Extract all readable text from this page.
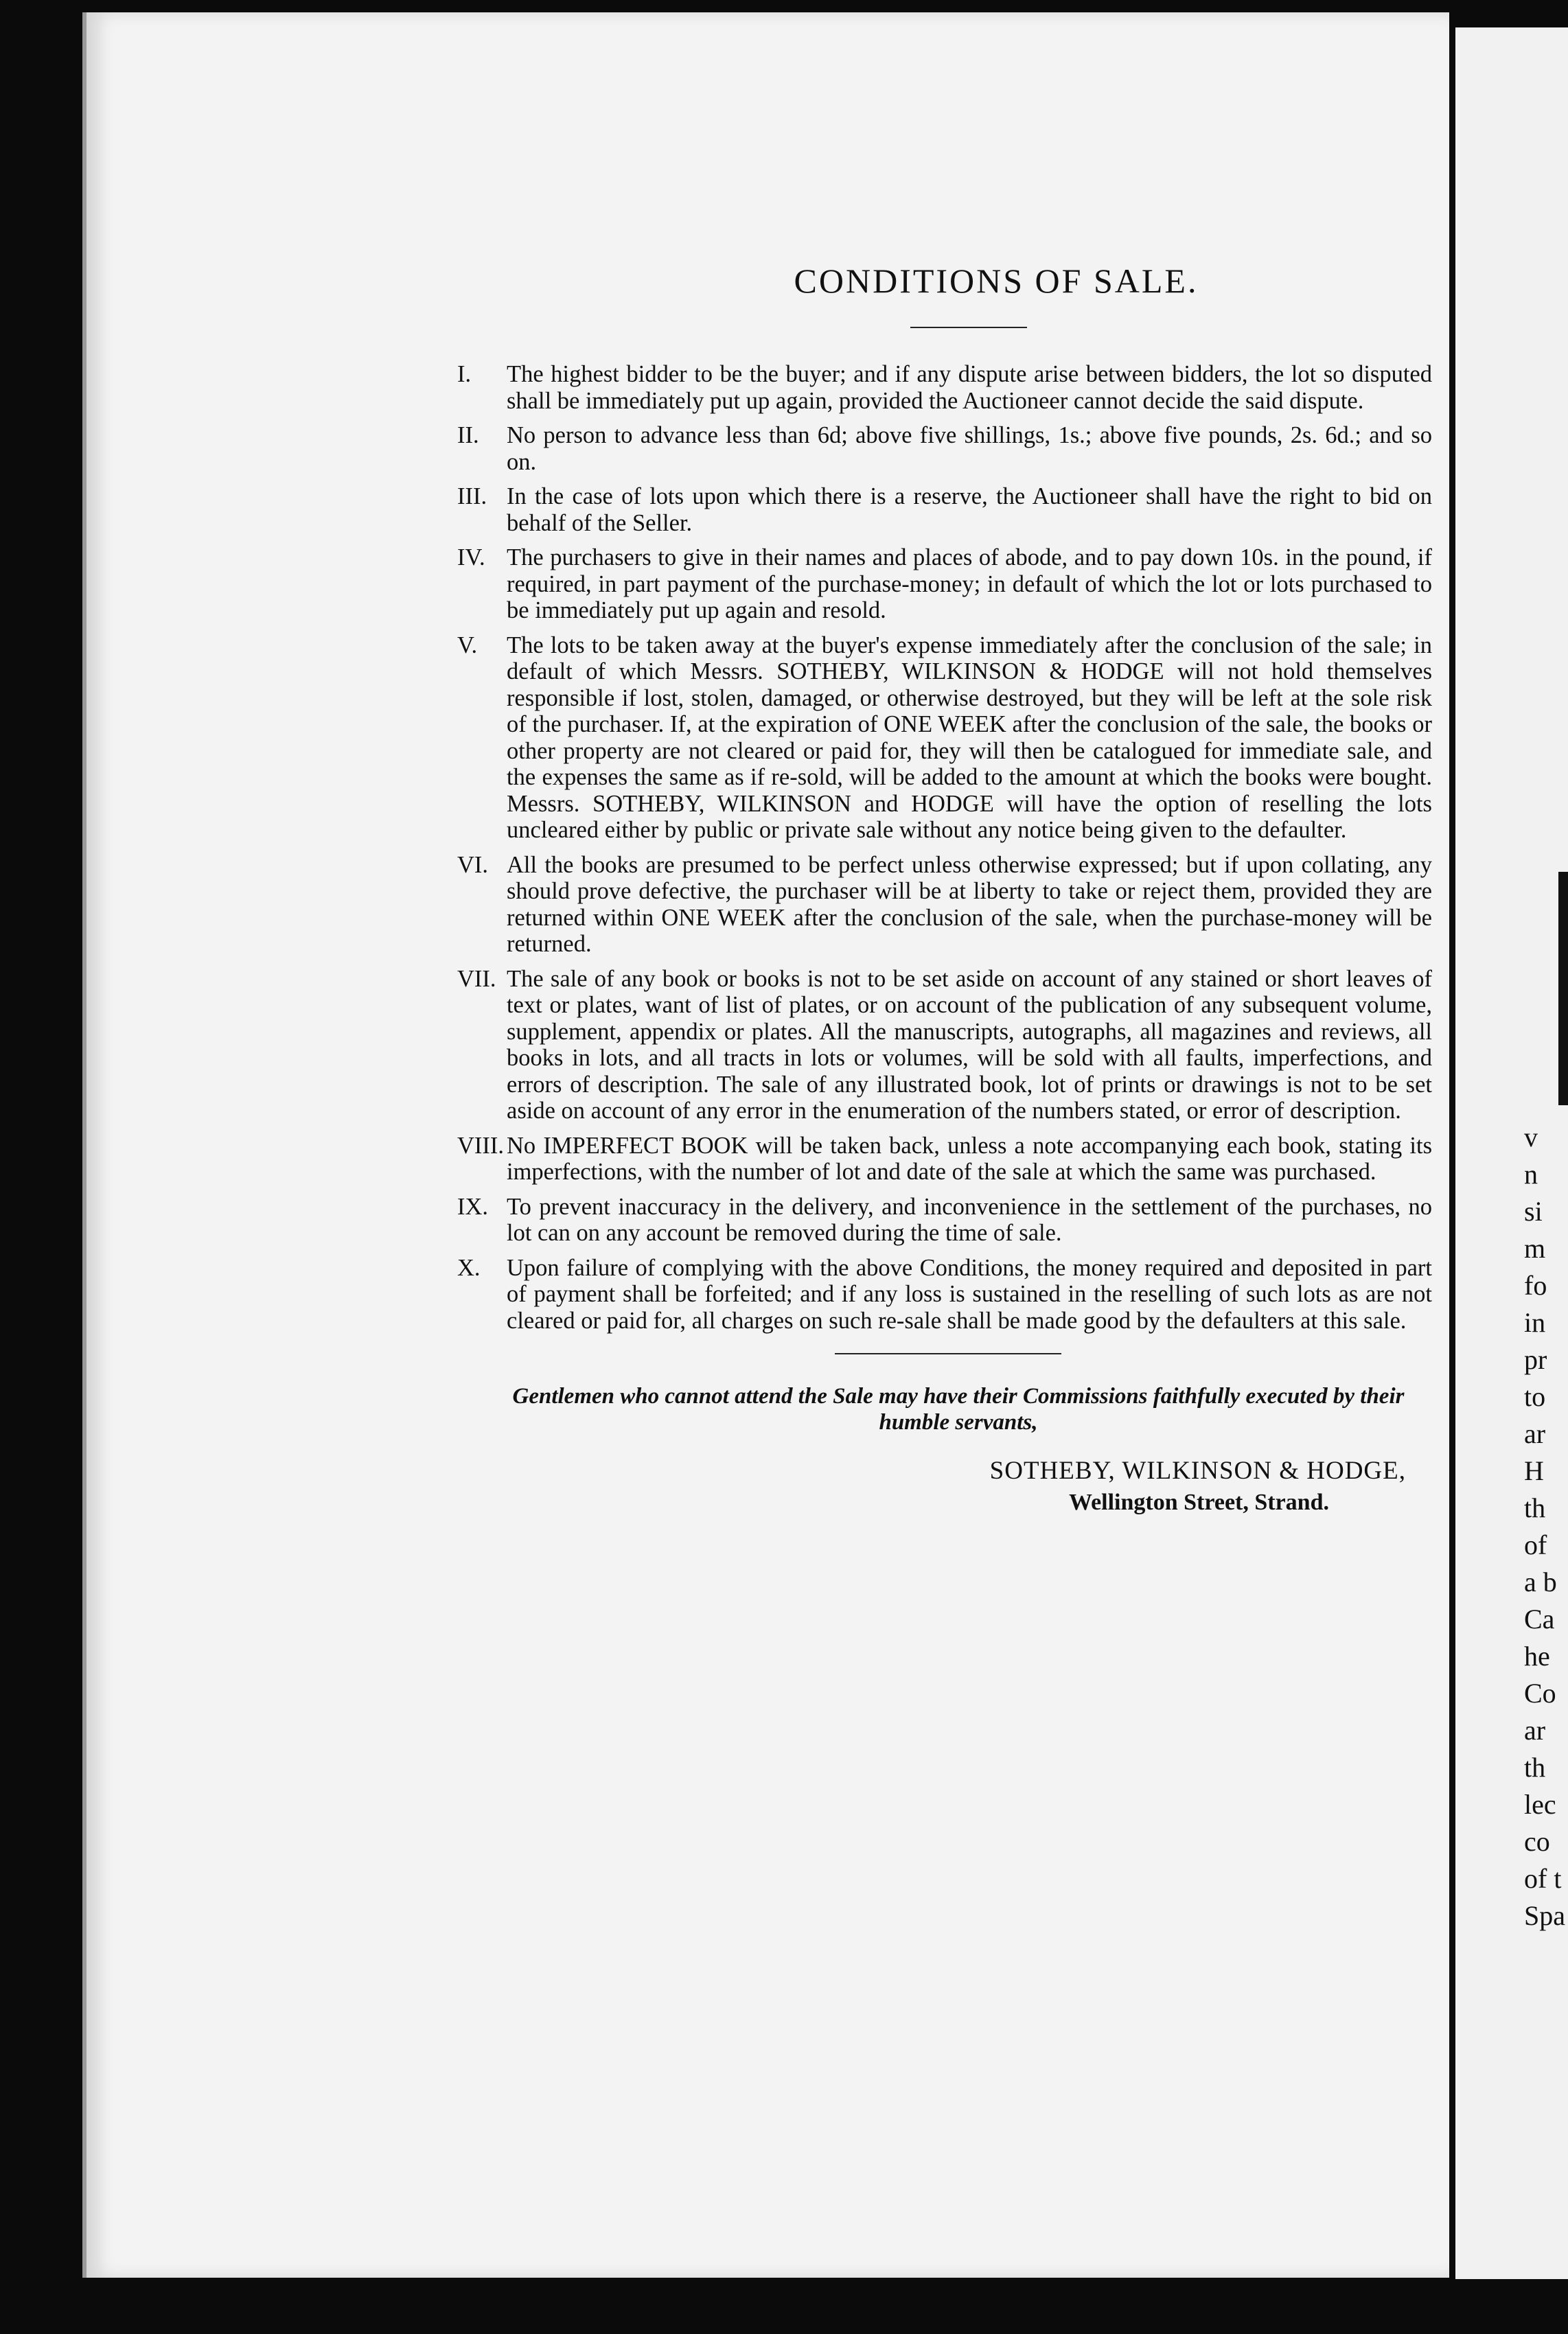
CONDITIONS OF SALE.
I.	The highest bidder to be the buyer; and if any dispute arise between bidders, the lot so disputed shall be immediately put up again, provided the Auctioneer cannot decide the said dispute.
II.	No person to advance less than 6d; above five shillings, 1s.; above five pounds, 2s. 6d.; and so on.
III. In the case of lots upon which there is a reserve, the Auctioneer shall have the right to bid on behalf of the Seller.
IV. The purchasers to give in their names and places of abode, and to pay down 10s. in the pound, if required, in part payment of the purchase-money; in default of which the lot or lots purchased to be immediately put up again and resold.
V.	The lots to be taken away at the buyer's expense immediately after the conclusion of the sale; in default of which Messrs. SOTHEBY, WILKINSON & HODGE will not hold themselves responsible if lost, stolen, damaged, or otherwise destroyed, but they will be left at the sole risk of the purchaser. If, at the expiration of ONE WEEK after the conclusion of the sale, the books or other property are not cleared or paid for, they will then be catalogued for immediate sale, and the expenses the same as if re-sold, will be added to the amount at which the books were bought. Messrs. SOTHEBY, WILKINSON and HODGE will have the option of reselling the lots uncleared either by public or private sale without any notice being given to the defaulter.
VI. All the books are presumed to be perfect unless otherwise expressed; but if upon collating, any should prove defective, the purchaser will be at liberty to take or reject them, provided they are returned within ONE WEEK after the conclusion of the sale, when the purchase-money will be returned.
VII. The sale of any book or books is not to be set aside on account of any stained or short leaves of text or plates, want of list of plates, or on account of the publication of any subsequent volume, supplement, appendix or plates. All the manuscripts, autographs, all magazines and reviews, all books in lots, and all tracts in lots or volumes, will be sold with all faults, imperfections, and errors of description. The sale of any illustrated book, lot of prints or drawings is not to be set aside on account of any error in the enumeration of the numbers stated, or error of description.
VIII. No IMPERFECT BOOK will be taken back, unless a note accompanying each book, stating its imperfections, with the number of lot and date of the sale at which the same was purchased.
IX. To prevent inaccuracy in the delivery, and inconvenience in the settlement of the purchases, no lot can on any account be removed during the time of sale.
X.	Upon failure of complying with the above Conditions, the money required and deposited in part of payment shall be forfeited; and if any loss is sustained in the reselling of such lots as are not cleared or paid for, all charges on such re-sale shall be made good by the defaulters at this sale.
Gentlemen who cannot attend the Sale may have their Commissions faithfully executed by their humble servants,
SOTHEBY, WILKINSON & HODGE,
Wellington Street, Strand.
v
n
si
m
fo
in
pr
to
ar
H
th
of
a b
Ca
he
Co
ar
th
lec
co
of t
Spa
